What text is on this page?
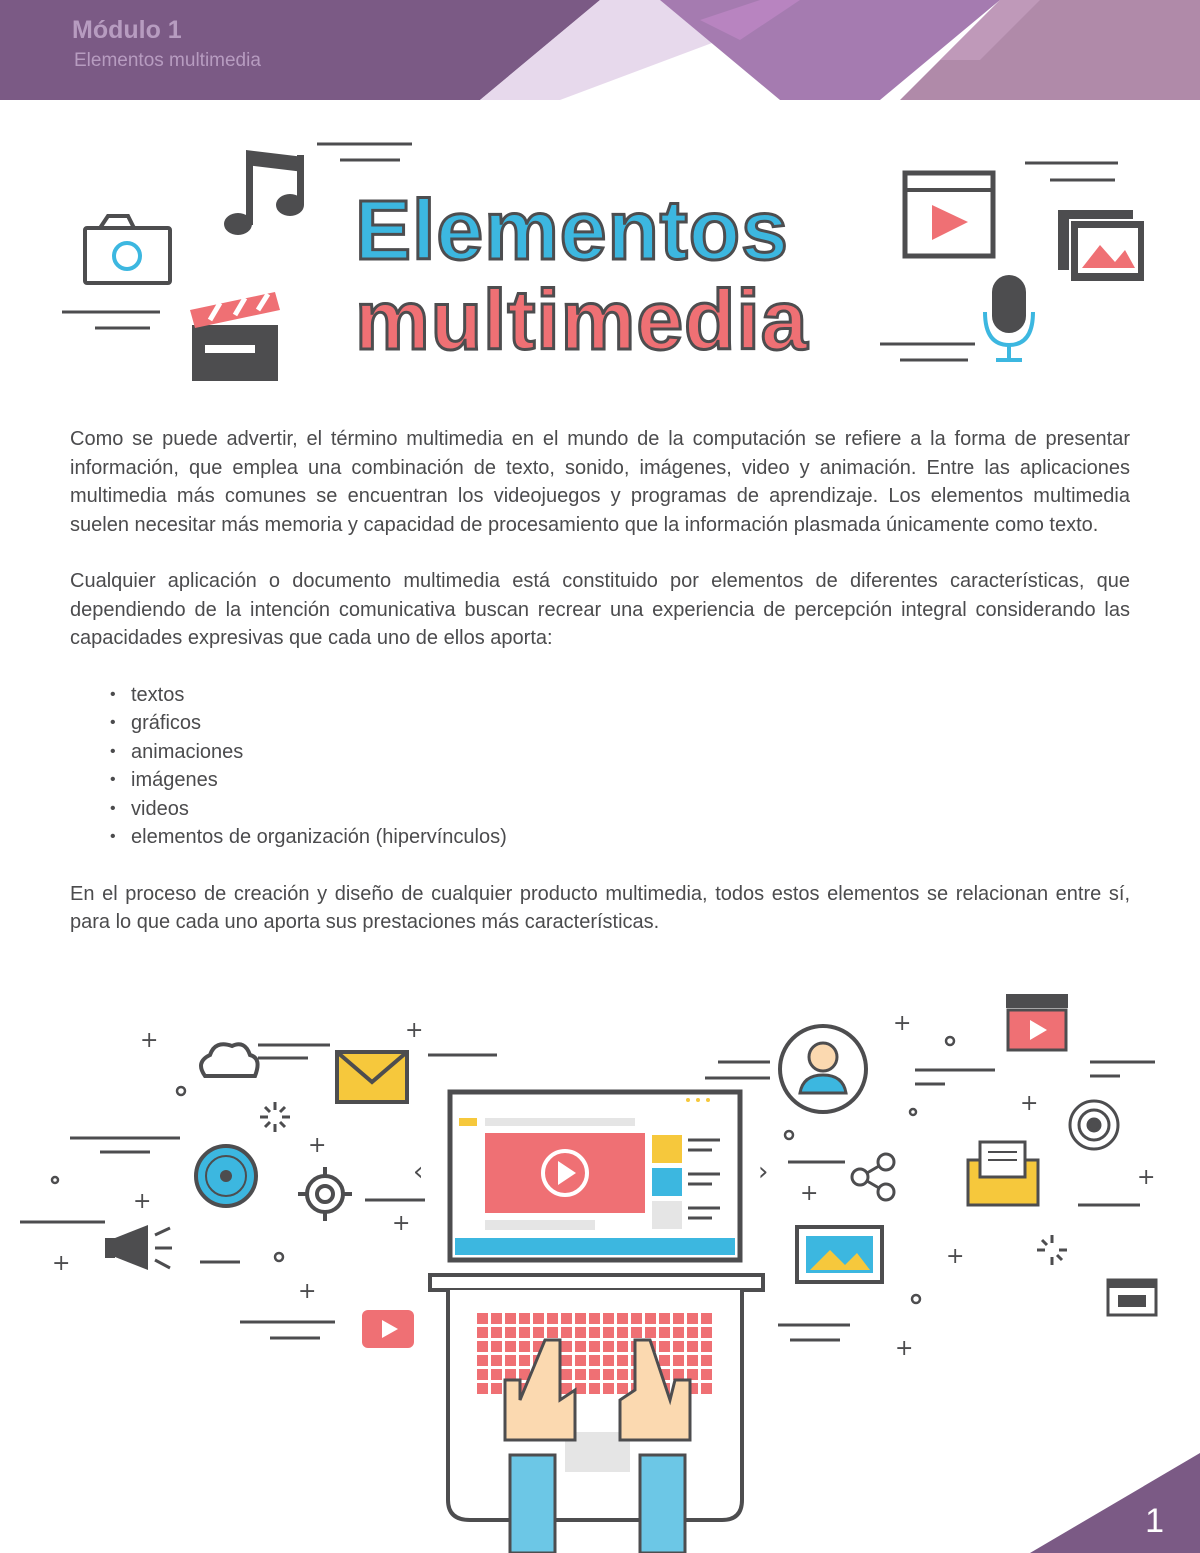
Módulo 1
Elementos multimedia
Elementos
multimedia

Como se puede advertir, el término multimedia en el mundo de la computación se refiere a la forma de presentar información, que emplea una combinación de texto, sonido, imágenes, video y animación. Entre las aplicaciones multimedia más comunes se encuentran los videojuegos y programas de aprendizaje. Los elementos multimedia suelen necesitar más memoria y capacidad de procesamiento que la información plasmada únicamente como texto.

Cualquier aplicación o documento multimedia está constituido por elementos de diferentes características, que dependiendo de la intención comunicativa buscan recrear una experiencia de percepción integral considerando las capacidades expresivas que cada uno de ellos aporta:

• textos
• gráficos
• animaciones
• imágenes
• videos
• elementos de organización (hipervínculos)

En el proceso de creación y diseño de cualquier producto multimedia, todos estos elementos se relacionan entre sí, para lo que cada uno aporta sus prestaciones más características.

+	+
+
+
+
+
+
+
+
+
+
+
+
‹	›
1
